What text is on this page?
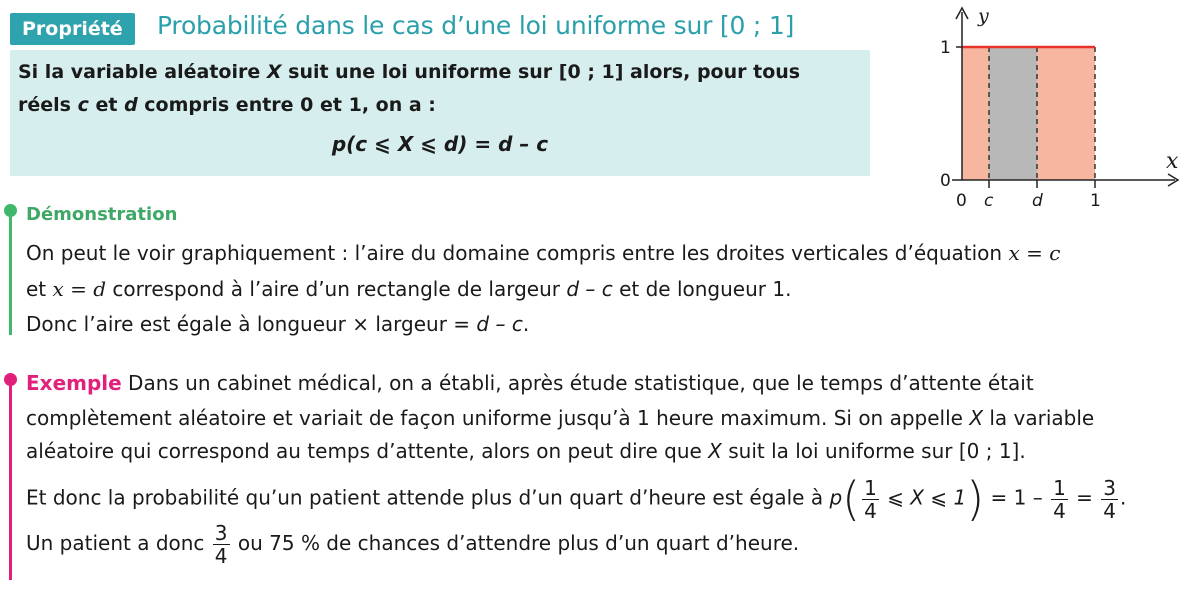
Propriété	Probabilité dans le cas d’une loi uniforme sur [0 ; 1]
Si la variable aléatoire X suit une loi uniforme sur [0 ; 1] alors, pour tous
réels c et d compris entre 0 et 1, on a :
p(c ⩽ X ⩽ d) = d – c
y
x
1
0
0 c d	1
Démonstration
On peut le voir graphiquement : l’aire du domaine compris entre les droites verticales d’équation x = c
et x = d correspond à l’aire d’un rectangle de largeur d – c et de longueur 1.
Donc l’aire est égale à longueur × largeur = d – c.
Exemple Dans un cabinet médical, on a établi, après étude statistique, que le temps d’attente était
complètement aléatoire et variait de façon uniforme jusqu’à 1 heure maximum. Si on appelle X la variable
aléatoire qui correspond au temps d’attente, alors on peut dire que X suit la loi uniforme sur [0 ; 1].
Et donc la probabilité qu’un patient attende plus d’un quart d’heure est égale à $p( \frac{1}{4}$ ⩽ X ⩽ $1) = 1 - \frac{1}{4} = \frac{3}{4}$ .
Un patient a donc $\frac{3}{4}$ ou 75 % de chances d’attendre plus d’un quart d’heure.
